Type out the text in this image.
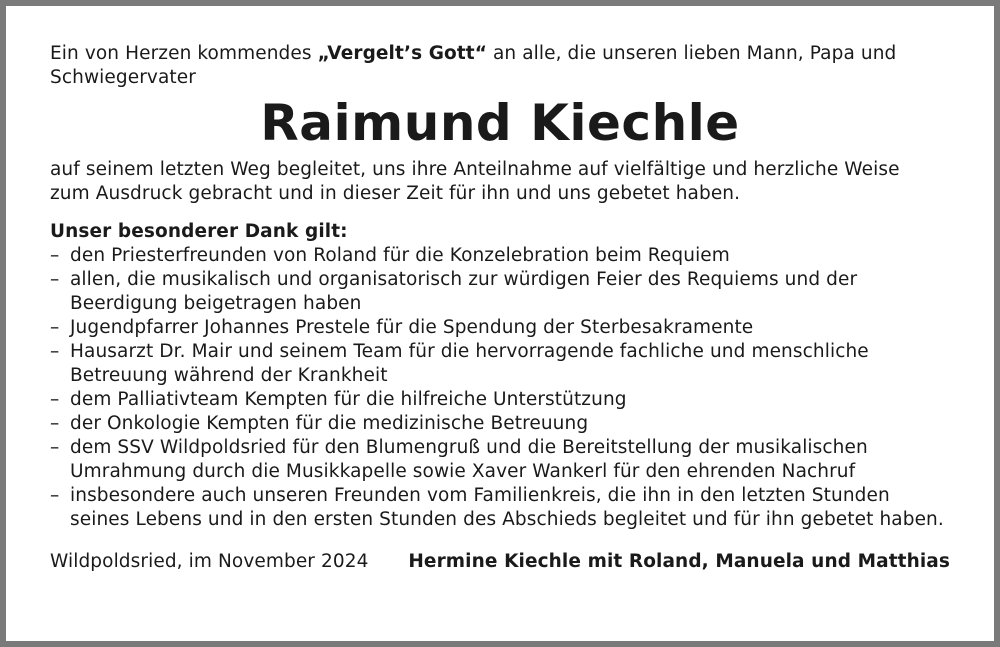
Ein von Herzen kommendes „Vergelt’s Gott“ an alle, die unseren lieben Mann, Papa und
Schwiegervater
Raimund Kiechle
auf seinem letzten Weg begleitet, uns ihre Anteilnahme auf vielfältige und herzliche Weise
zum Ausdruck gebracht und in dieser Zeit für ihn und uns gebetet haben.
Unser besonderer Dank gilt:
– den Priesterfreunden von Roland für die Konzelebration beim Requiem
– allen, die musikalisch und organisatorisch zur würdigen Feier des Requiems und der
Beerdigung beigetragen haben
– Jugendpfarrer Johannes Prestele für die Spendung der Sterbesakramente
– Hausarzt Dr. Mair und seinem Team für die hervorragende fachliche und menschliche
Betreuung während der Krankheit
– dem Palliativteam Kempten für die hilfreiche Unterstützung
– der Onkologie Kempten für die medizinische Betreuung
– dem SSV Wildpoldsried für den Blumengruß und die Bereitstellung der musikalischen
Umrahmung durch die Musikkapelle sowie Xaver Wankerl für den ehrenden Nachruf
– insbesondere auch unseren Freunden vom Familienkreis, die ihn in den letzten Stunden
seines Lebens und in den ersten Stunden des Abschieds begleitet und für ihn gebetet haben.
Wildpoldsried, im November 2024 Hermine Kiechle mit Roland, Manuela und Matthias
